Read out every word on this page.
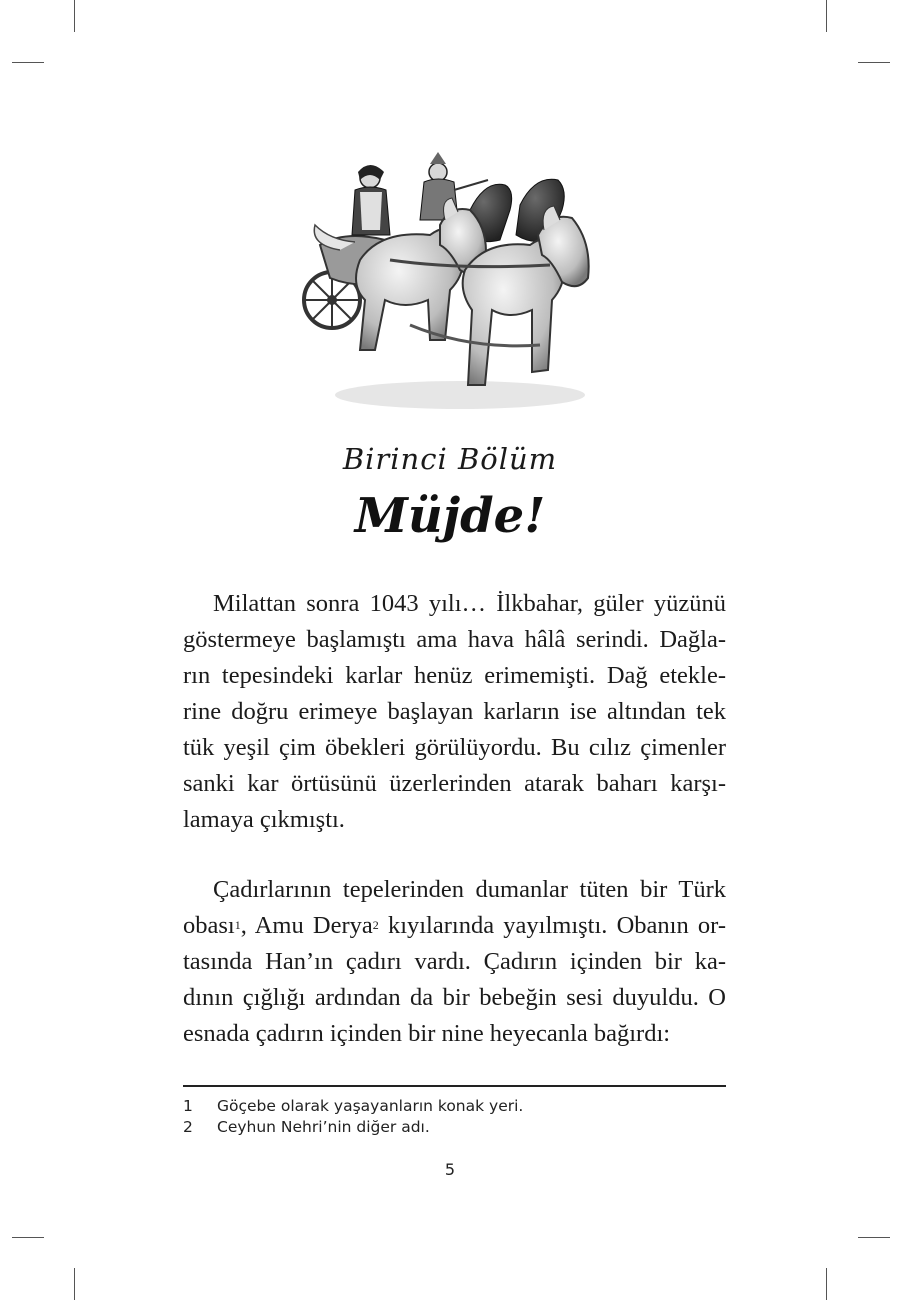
Birinci Bölüm
Müjde!
Milattan sonra 1043 yılı… İlkbahar, güler yüzünü
göstermeye başlamıştı ama hava hâlâ serindi. Dağla-
rın tepesindeki karlar henüz erimemişti. Dağ etekle-
rine doğru erimeye başlayan karların ise altından tek
tük yeşil çim öbekleri görülüyordu. Bu cılız çimenler
sanki kar örtüsünü üzerlerinden atarak baharı karşı-
lamaya çıkmıştı.
Çadırlarının tepelerinden dumanlar tüten bir Türk
obası$^1$, Amu Derya$^2$ kıyılarında yayılmıştı. Obanın or-
tasında Han’ın çadırı vardı. Çadırın içinden bir ka-
dının çığlığı ardından da bir bebeğin sesi duyuldu. O
esnada çadırın içinden bir nine heyecanla bağırdı:
1 Göçebe olarak yaşayanların konak yeri.
2 Ceyhun Nehri’nin diğer adı.
5
